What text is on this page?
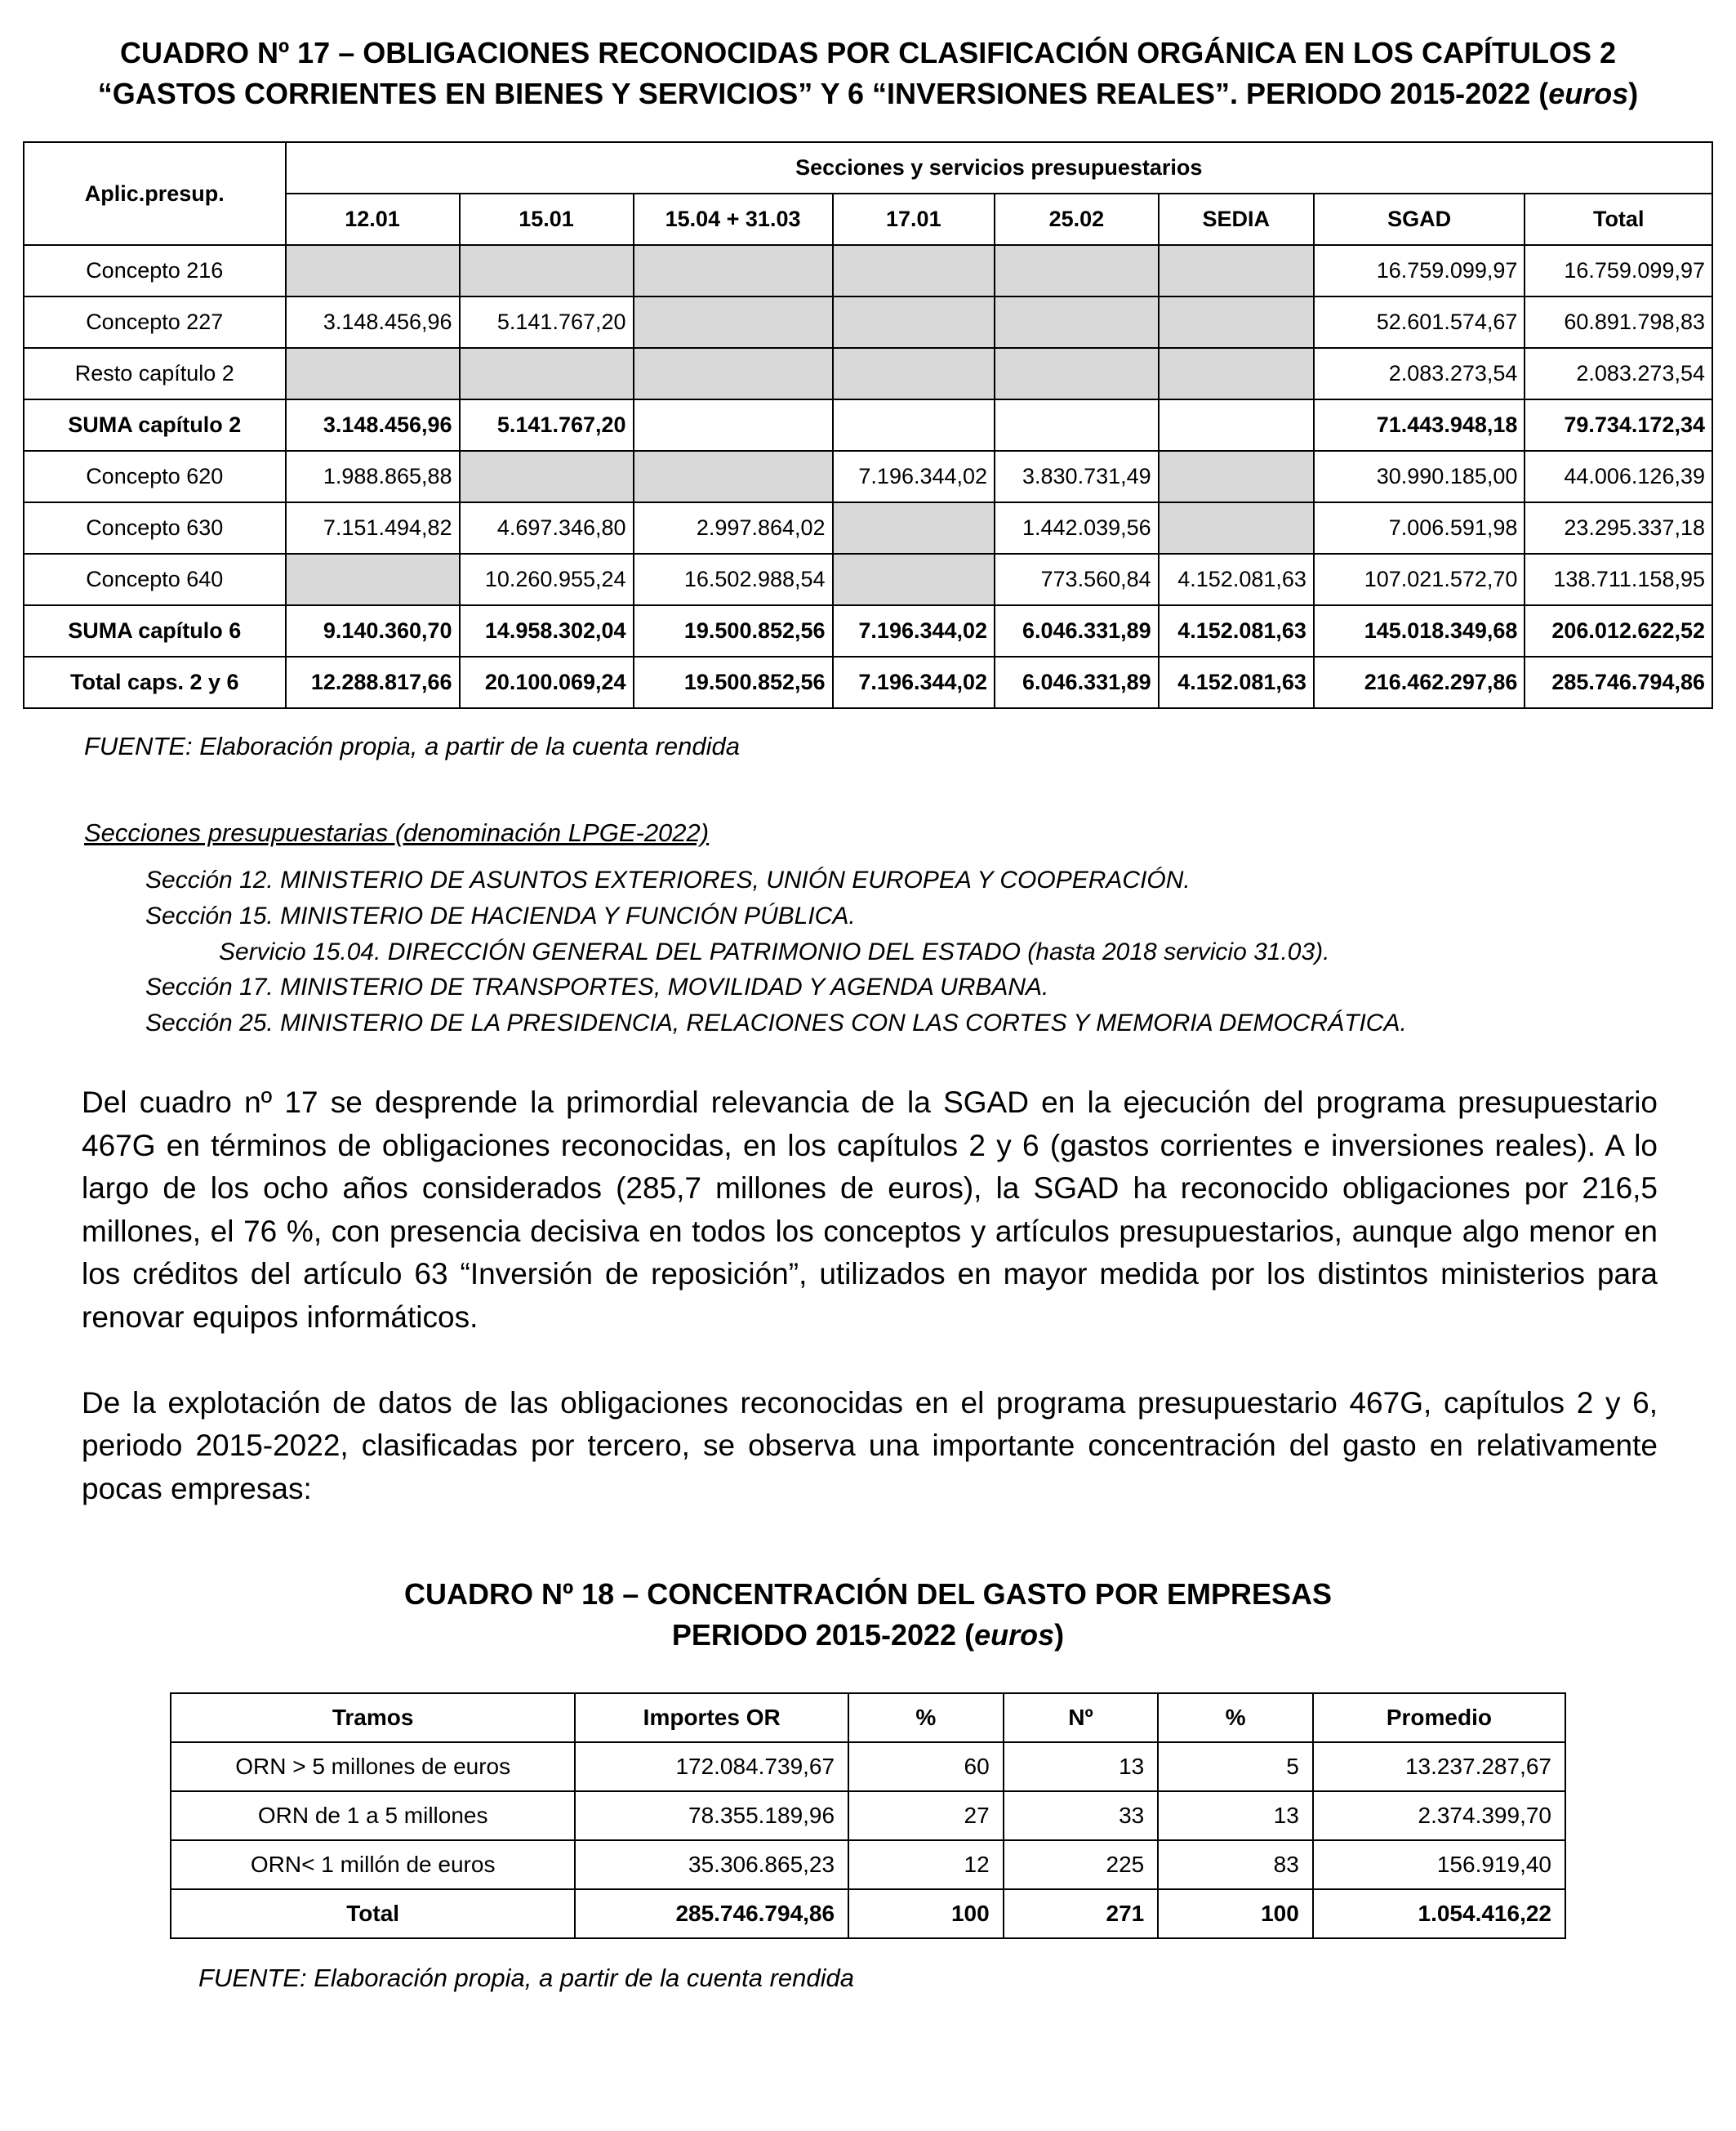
CUADRO Nº 17 – OBLIGACIONES RECONOCIDAS POR CLASIFICACIÓN ORGÁNICA EN LOS CAPÍTULOS 2 “GASTOS CORRIENTES EN BIENES Y SERVICIOS” Y 6 “INVERSIONES REALES”. PERIODO 2015-2022 (euros)
Aplic.presup.	Secciones y servicios presupuestarios							
	12.01	15.01	15.04 + 31.03	17.01	25.02	SEDIA	SGAD	Total
Concepto 216							16.759.099,97	16.759.099,97
Concepto 227	3.148.456,96	5.141.767,20					52.601.574,67	60.891.798,83
Resto capítulo 2							2.083.273,54	2.083.273,54
SUMA capítulo 2	3.148.456,96	5.141.767,20					71.443.948,18	79.734.172,34
Concepto 620	1.988.865,88			7.196.344,02	3.830.731,49		30.990.185,00	44.006.126,39
Concepto 630	7.151.494,82	4.697.346,80	2.997.864,02		1.442.039,56		7.006.591,98	23.295.337,18
Concepto 640		10.260.955,24	16.502.988,54		773.560,84	4.152.081,63	107.021.572,70	138.711.158,95
SUMA capítulo 6	9.140.360,70	14.958.302,04	19.500.852,56	7.196.344,02	6.046.331,89	4.152.081,63	145.018.349,68	206.012.622,52
Total caps. 2 y 6	12.288.817,66	20.100.069,24	19.500.852,56	7.196.344,02	6.046.331,89	4.152.081,63	216.462.297,86	285.746.794,86

FUENTE: Elaboración propia, a partir de la cuenta rendida

Secciones presupuestarias (denominación LPGE-2022)

Sección 12. MINISTERIO DE ASUNTOS EXTERIORES, UNIÓN EUROPEA Y COOPERACIÓN.

Sección 15. MINISTERIO DE HACIENDA Y FUNCIÓN PÚBLICA.

Servicio 15.04. DIRECCIÓN GENERAL DEL PATRIMONIO DEL ESTADO (hasta 2018 servicio 31.03).

Sección 17. MINISTERIO DE TRANSPORTES, MOVILIDAD Y AGENDA URBANA.

Sección 25. MINISTERIO DE LA PRESIDENCIA, RELACIONES CON LAS CORTES Y MEMORIA DEMOCRÁTICA.

Del cuadro nº 17 se desprende la primordial relevancia de la SGAD en la ejecución del programa presupuestario 467G en términos de obligaciones reconocidas, en los capítulos 2 y 6 (gastos corrientes e inversiones reales). A lo largo de los ocho años considerados (285,7 millones de euros), la SGAD ha reconocido obligaciones por 216,5 millones, el 76 %, con presencia decisiva en todos los conceptos y artículos presupuestarios, aunque algo menor en los créditos del artículo 63 “Inversión de reposición”, utilizados en mayor medida por los distintos ministerios para renovar equipos informáticos.

De la explotación de datos de las obligaciones reconocidas en el programa presupuestario 467G, capítulos 2 y 6, periodo 2015-2022, clasificadas por tercero, se observa una importante concentración del gasto en relativamente pocas empresas:

CUADRO Nº 18 – CONCENTRACIÓN DEL GASTO POR EMPRESAS
PERIODO 2015-2022 (euros)
Tramos	Importes OR	%	Nº	%	Promedio
ORN > 5 millones de euros	172.084.739,67	60	13	5	13.237.287,67
ORN de 1 a 5 millones	78.355.189,96	27	33	13	2.374.399,70
ORN< 1 millón de euros	35.306.865,23	12	225	83	156.919,40
Total	285.746.794,86	100	271	100	1.054.416,22

FUENTE: Elaboración propia, a partir de la cuenta rendida
